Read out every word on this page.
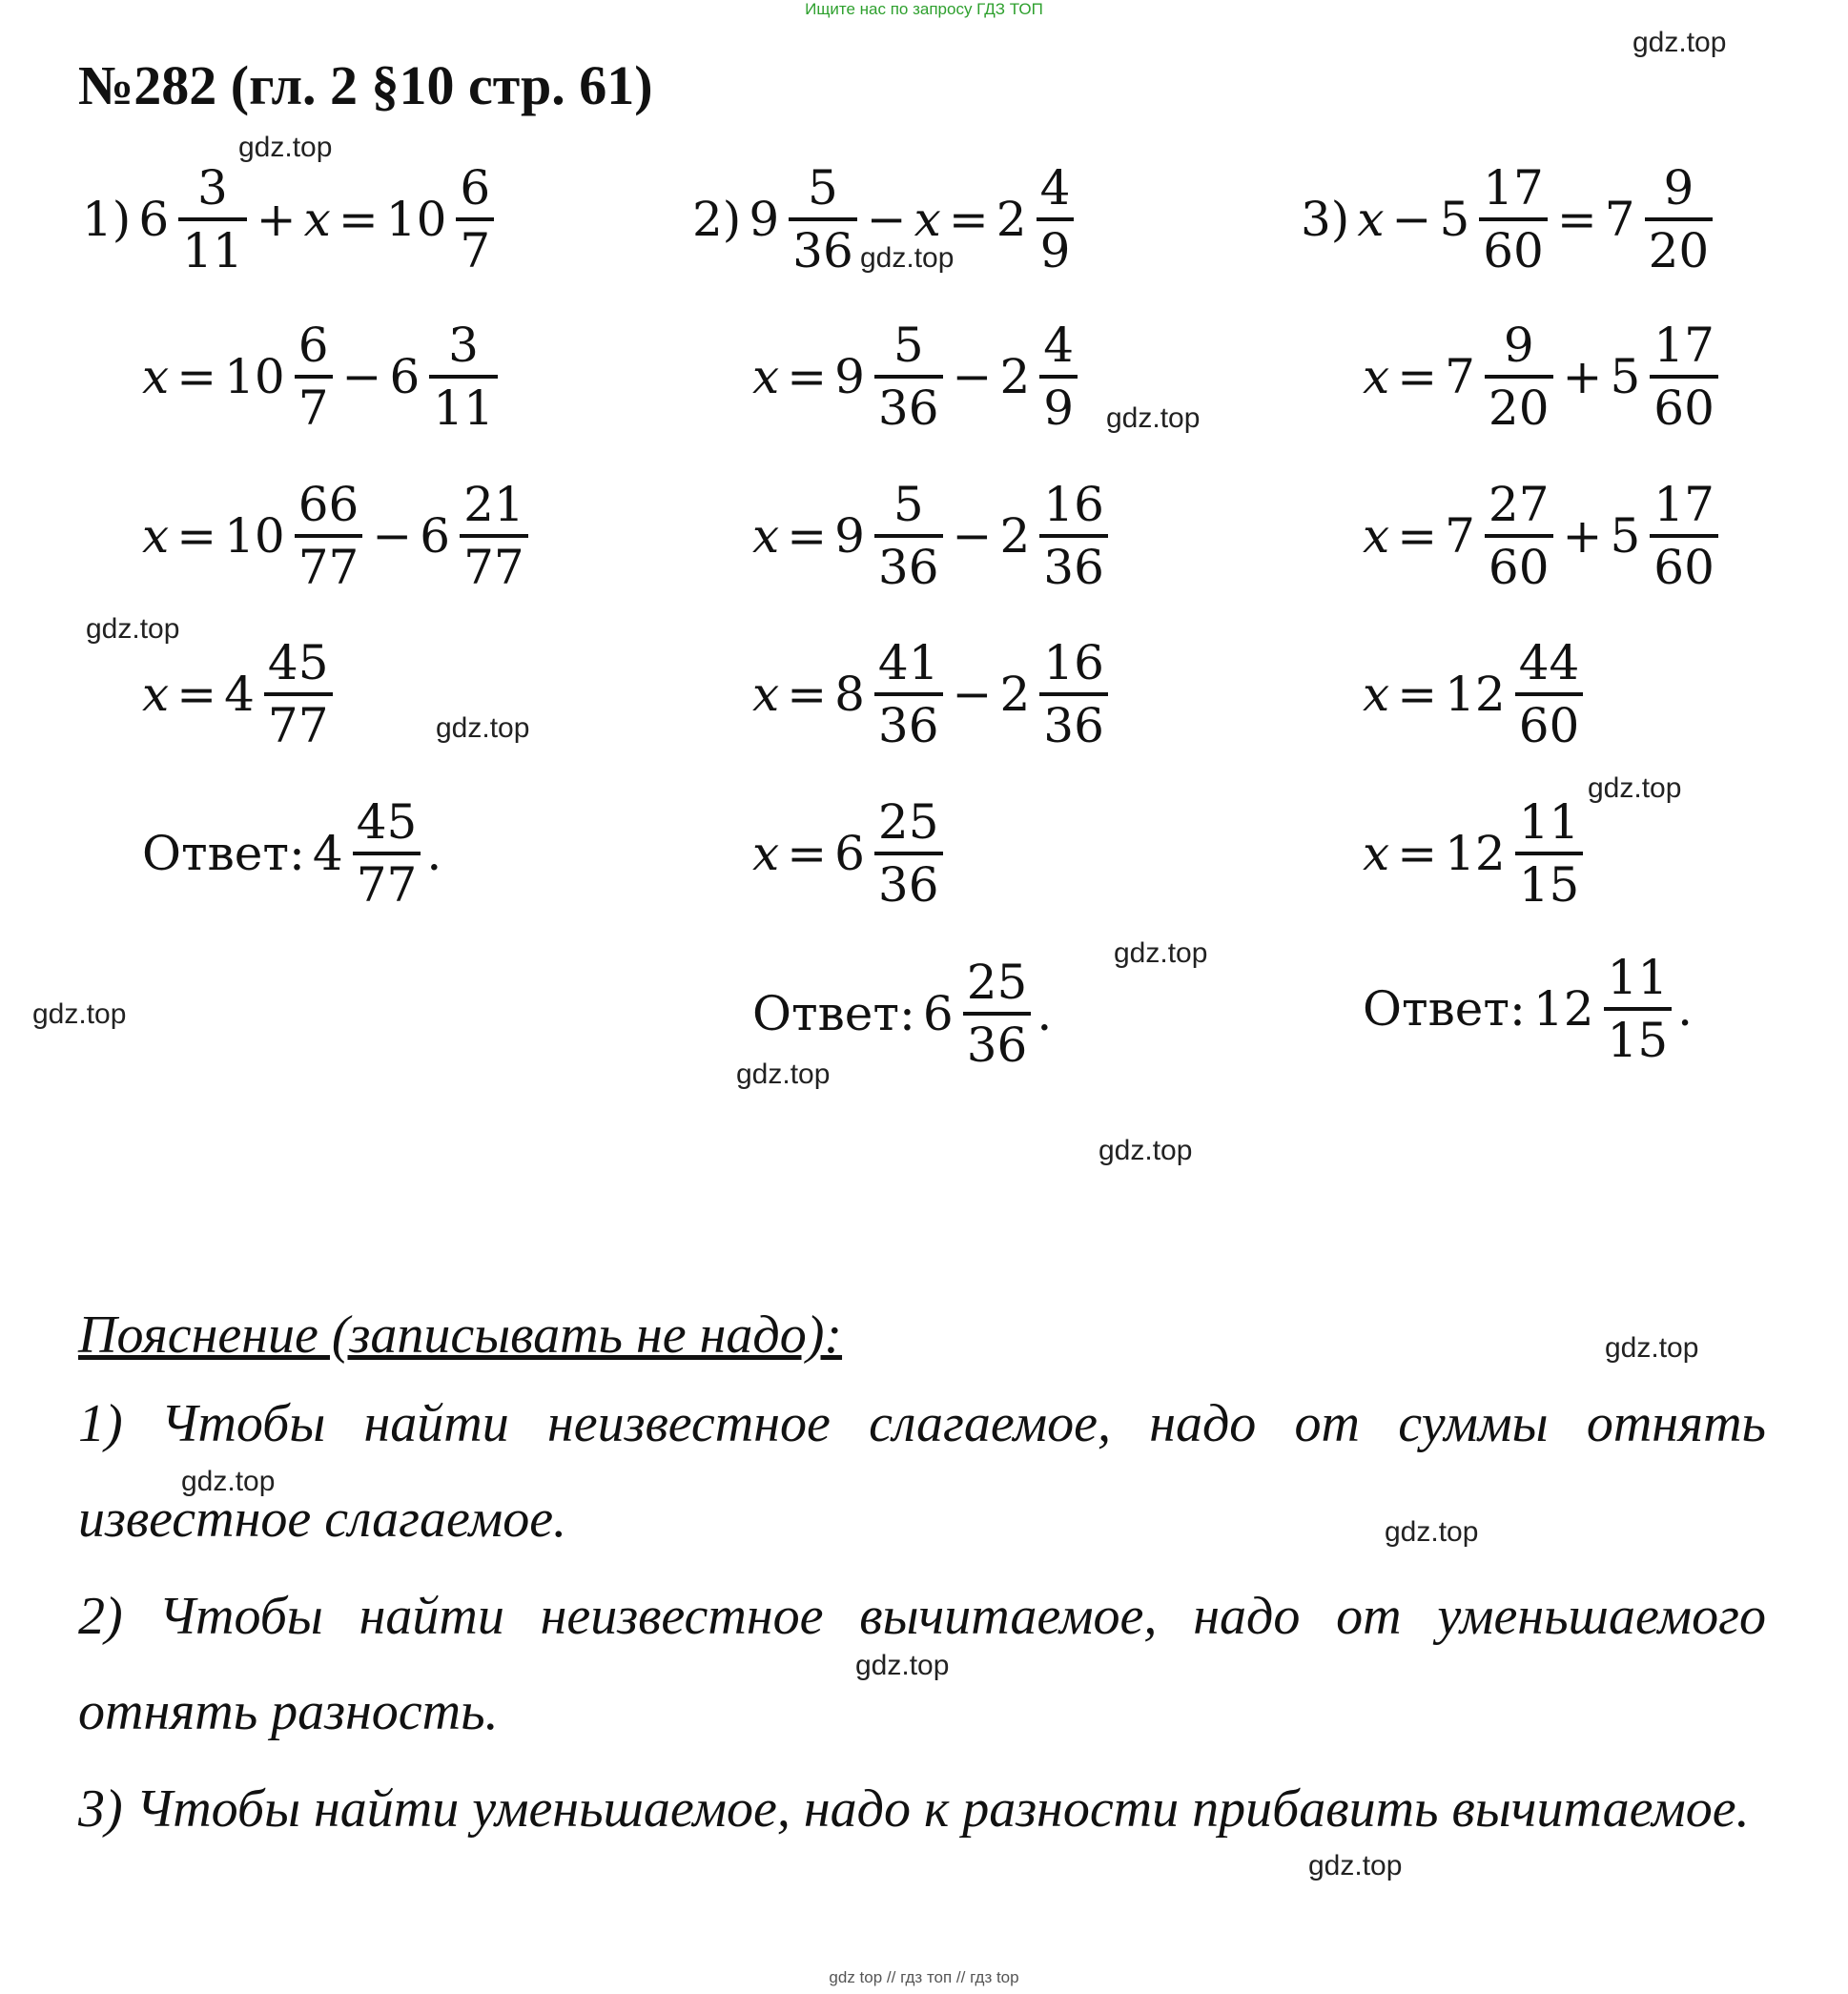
Ищите нас по запросу ГДЗ ТОП
№282 (гл. 2 §10 стр. 61)
1) $6 \frac{3}{11} + x = 10 \frac{6}{7}$
$x = 10 \frac{6}{7} - 6 \frac{3}{11}$
$x = 10 \frac{66}{77} - 6 \frac{21}{77}$
$x = 4 \frac{45}{77}$
Ответ: $4 \frac{45}{77}$ .
2) $9 \frac{5}{36} - x = 2 \frac{4}{9}$
$x = 9 \frac{5}{36} - 2 \frac{4}{9}$
$x = 9 \frac{5}{36} - 2 \frac{16}{36}$
$x = 8 \frac{41}{36} - 2 \frac{16}{36}$
$x = 6 \frac{25}{36}$
Ответ: $6 \frac{25}{36}$ .
3) $x - 5 \frac{17}{60} = 7 \frac{9}{20}$
$x = 7 \frac{9}{20} + 5 \frac{17}{60}$
$x = 7 \frac{27}{60} + 5 \frac{17}{60}$
$x = 12 \frac{44}{60}$
$x = 12 \frac{11}{15}$
Ответ: $12 \frac{11}{15}$ .
Пояснение (записывать не надо):
1) Чтобы найти неизвестное слагаемое, надо от суммы отнять известное слагаемое.
2) Чтобы найти неизвестное вычитаемое, надо от уменьшаемого отнять разность.
3) Чтобы найти уменьшаемое, надо к разности прибавить вычитаемое.
gdz.top
gdz.top
gdz.top
gdz.top
gdz.top
gdz.top
gdz.top
gdz.top
gdz.top
gdz.top
gdz.top
gdz.top
gdz.top
gdz.top
gdz.top
gdz.top
gdz top // гдз топ // гдз top
